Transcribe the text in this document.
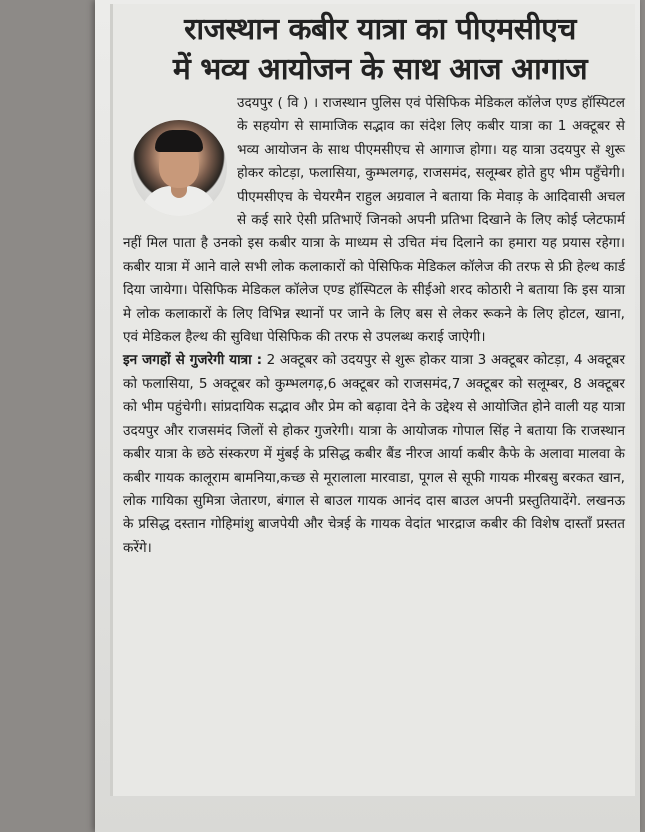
राजस्थान कबीर यात्रा का पीएमसीएच
में भव्य आयोजन के साथ आज आगाज
उदयपुर ( वि ) । राजस्थान पुलिस एवं पेसिफिक मेडिकल कॉलेज एण्ड हॉस्पिटल के सहयोग से सामाजिक सद्भाव का संदेश लिए कबीर यात्रा का 1 अक्टूबर से भव्य आयोजन के साथ पीएमसीएच से आगाज होगा। यह यात्रा उदयपुर से शुरू होकर कोटड़ा, फलासिया, कुम्भलगढ़, राजसमंद, सलूम्बर होते हुए भीम पहुँचेगी। पीएमसीएच के चेयरमैन राहुल अग्रवाल ने बताया कि मेवाड़ के आदिवासी अचल से कई सारे ऐसी प्रतिभाऐं जिनको अपनी प्रतिभा दिखाने के लिए कोई प्लेटफार्म नहीं मिल पाता है उनको इस कबीर यात्रा के माध्यम से उचित मंच दिलाने का हमारा यह प्रयास रहेगा। कबीर यात्रा में आने वाले सभी लोक कलाकारों को पेसिफिक मेडिकल कॉलेज की तरफ से फ्री हेल्थ कार्ड दिया जायेगा। पेसिफिक मेडिकल कॉलेज एण्ड हॉस्पिटल के सीईओ शरद कोठारी ने बताया कि इस यात्रा मे लोक कलाकारों के लिए विभिन्न स्थानों पर जाने के लिए बस से लेकर रूकने के लिए होटल, खाना, एवं मेडिकल हैल्थ की सुविधा पेसिफिक की तरफ से उपलब्ध कराई जाऐगी।
इन जगहों से गुजरेगी यात्रा : 2 अक्टूबर को उदयपुर से शुरू होकर यात्रा 3 अक्टूबर कोटड़ा, 4 अक्टूबर को फलासिया, 5 अक्टूबर को कुम्भलगढ़,6 अक्टूबर को राजसमंद,7 अक्टूबर को सलूम्बर, 8 अक्टूबर को भीम पहुंचेगी। सांप्रदायिक सद्भाव और प्रेम को बढ़ावा देने के उद्देश्य से आयोजित होने वाली यह यात्रा उदयपुर और राजसमंद जिलों से होकर गुजरेगी। यात्रा के आयोजक गोपाल सिंह ने बताया कि राजस्थान कबीर यात्रा के छठे संस्करण में मुंबई के प्रसिद्ध कबीर बैंड नीरज आर्या कबीर कैफे के अलावा मालवा के कबीर गायक कालूराम बामनिया,कच्छ से मूरालाला मारवाडा, पूगल से सूफी गायक मीरबसु बरकत खान, लोक गायिका सुमित्रा जेतारण, बंगाल से बाउल गायक आनंद दास बाउल अपनी प्रस्तुतियादेंगे. लखनऊ के प्रसिद्ध दस्तान गोहिमांशु बाजपेयी और चेत्रई के गायक वेदांत भारद्राज कबीर की विशेष दास्ताँ प्रस्तत करेंगे।
